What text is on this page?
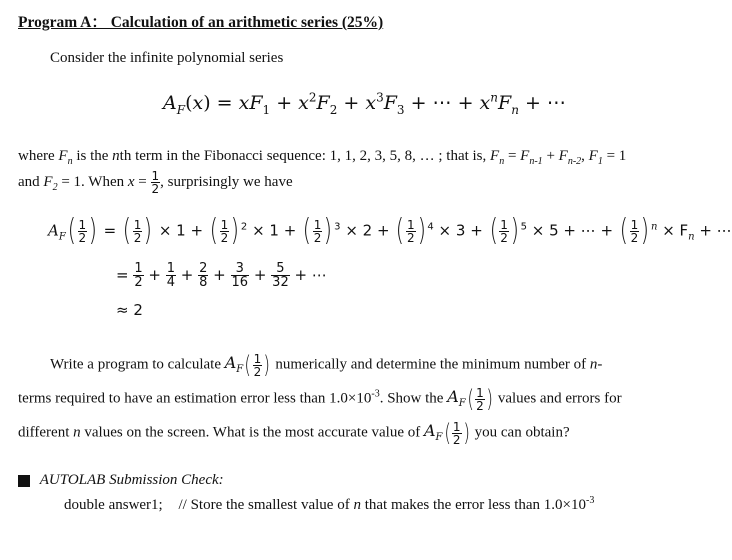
Program A： Calculation of an arithmetic series (25%)
Consider the infinite polynomial series
$A_F(x) = xF_1 + x^2F_2 + x^3F_3$ + ⋯ + $x^nF_n$ + ⋯
where $F_n$ is the nth term in the Fibonacci sequence: 1, 1, 2, 3, 5, 8, … ; that is, $F_n = F_{n-1} + F_{n-2}$, $F_1 = 1$
and $F_2 = 1$. When $x = \frac{1}{2}$ , surprisingly we have
$A_F( \frac{1}{2}$ ) = ( $\frac{1}{2}$ ) × 1 + ( $\frac{1}{2}$ ) $^2$ × 1 + ( $\frac{1}{2}$ ) $^3$ × 2 + ( $\frac{1}{2}$ ) $^4$ × 3 + ( $\frac{1}{2}$ ) $^5$ × 5 + ⋯ + ( $\frac{1}{2}$ ) $^n \times F_n$ + ⋯
= $\frac{1}{2} + \frac{1}{4} + \frac{2}{8} + \frac{3}{16} + \frac{5}{32}$ + ⋯
≈ 2
Write a program to calculate $A_F( \frac{1}{2}$ ) numerically and determine the minimum number of n-
terms required to have an estimation error less than $1.0\times 10^{-3}$. Show the $A_F( \frac{1}{2}$ ) values and errors for
different n values on the screen. What is the most accurate value of $A_F( \frac{1}{2}$ ) you can obtain?
AUTOLAB Submission Check:
double answer1; // Store the smallest value of n that makes the error less than $1.0\times 10^{-3}$
